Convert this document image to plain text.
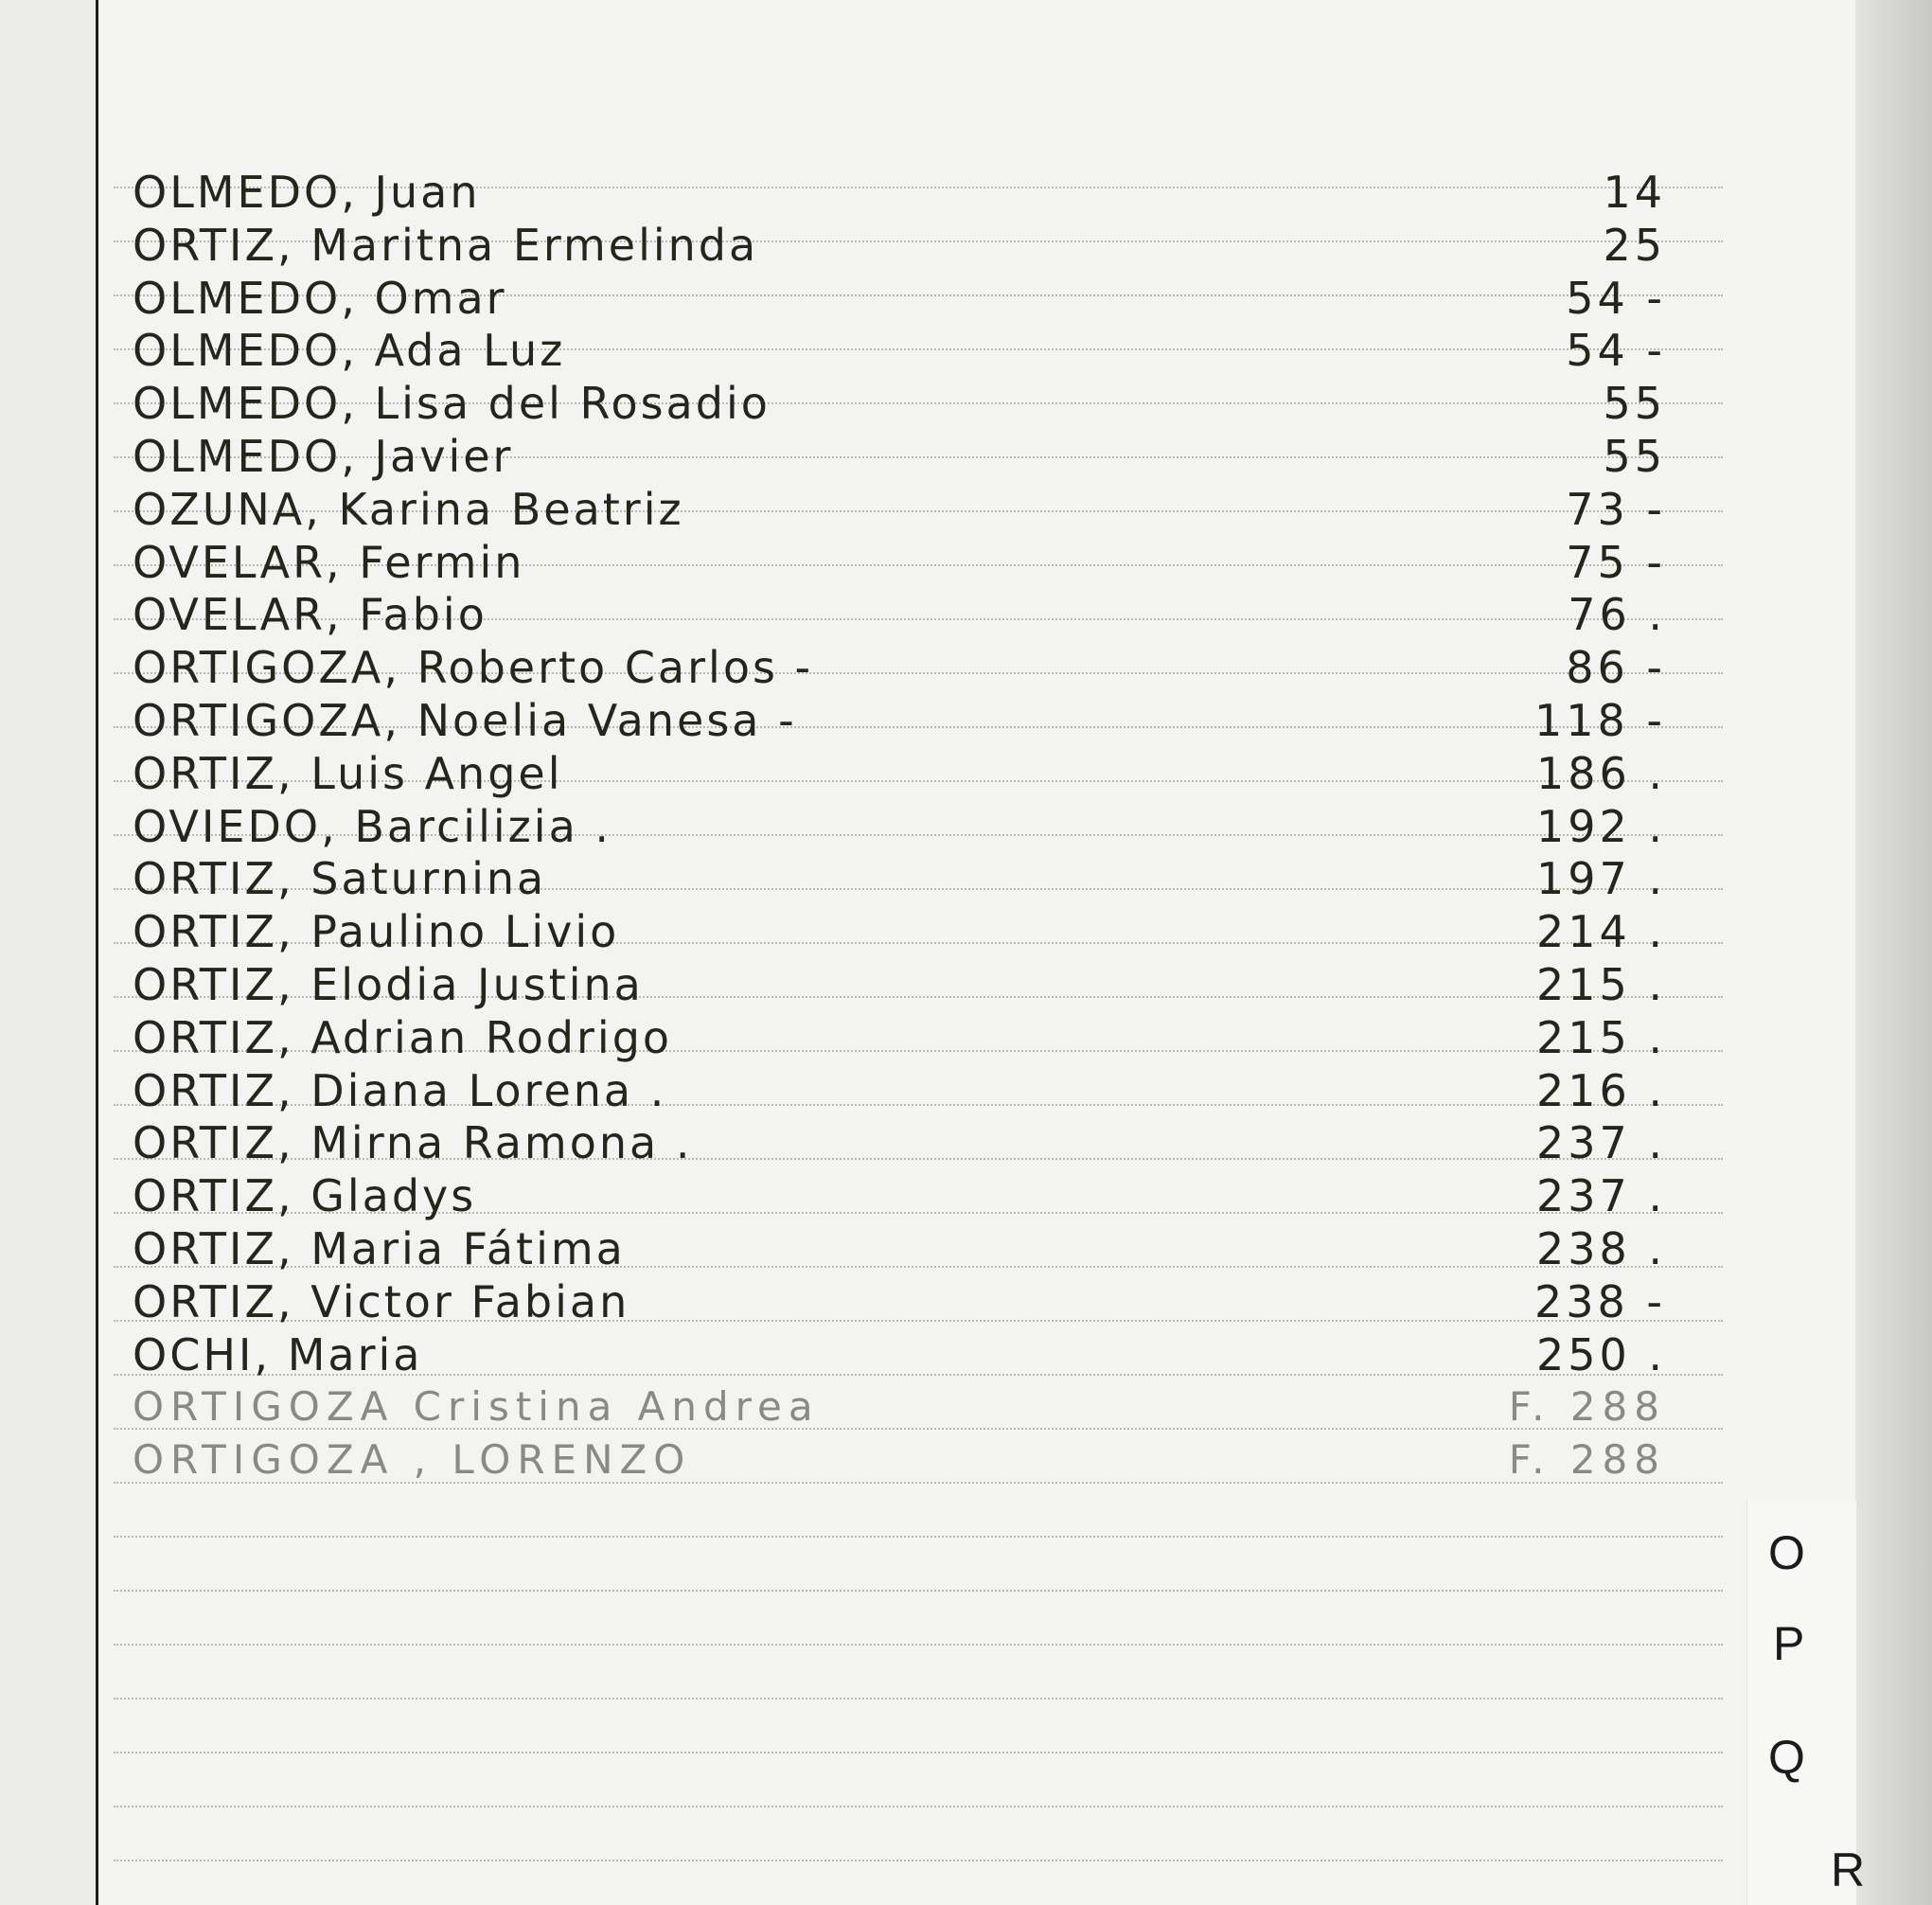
OLMEDO, Juan	14
ORTIZ, Maritna Ermelinda	25
OLMEDO, Omar	54 -
OLMEDO, Ada Luz	54 -
OLMEDO, Lisa del Rosadio	55
OLMEDO, Javier	55
OZUNA, Karina Beatriz	73 -
OVELAR, Fermin	75 -
OVELAR, Fabio	76 .
ORTIGOZA, Roberto Carlos -	86 -
ORTIGOZA, Noelia Vanesa -	118 -
ORTIZ, Luis Angel	186 .
OVIEDO, Barcilizia .	192 .
ORTIZ, Saturnina	197 .
ORTIZ, Paulino Livio	214 .
ORTIZ, Elodia Justina	215 .
ORTIZ, Adrian Rodrigo	215 .
ORTIZ, Diana Lorena .	216 .
ORTIZ, Mirna Ramona .	237 .
ORTIZ, Gladys	237 .
ORTIZ, Maria Fátima	238 .
ORTIZ, Victor Fabian	238 -
OCHI, Maria	250 .
ORTIGOZA Cristina Andrea	F. 288
ORTIGOZA , LORENZO	F. 288
O
P
Q
R
